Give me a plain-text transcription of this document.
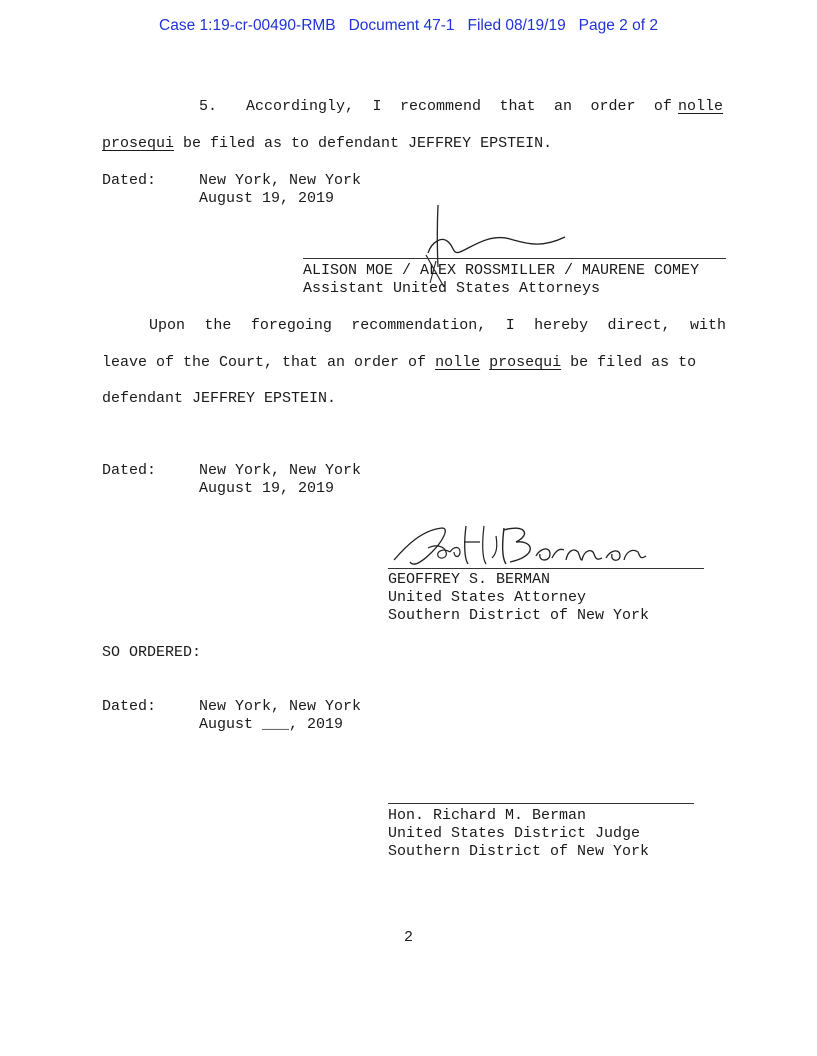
Case 1:19-cr-00490-RMB Document 47-1 Filed 08/19/19 Page 2 of 2
5. Accordingly, I recommend that an order of nolle
prosequi be filed as to defendant JEFFREY EPSTEIN.
Dated:	New York, New York
August 19, 2019
ALISON MOE / ALEX ROSSMILLER / MAURENE COMEY
Assistant United States Attorneys
Upon the foregoing recommendation, I hereby direct, with
leave of the Court, that an order of nolle prosequi be filed as to
defendant JEFFREY EPSTEIN.
Dated:	New York, New York
August 19, 2019
GEOFFREY S. BERMAN
United States Attorney
Southern District of New York
SO ORDERED:
Dated:	New York, New York
August ___, 2019
Hon. Richard M. Berman
United States District Judge
Southern District of New York
2
